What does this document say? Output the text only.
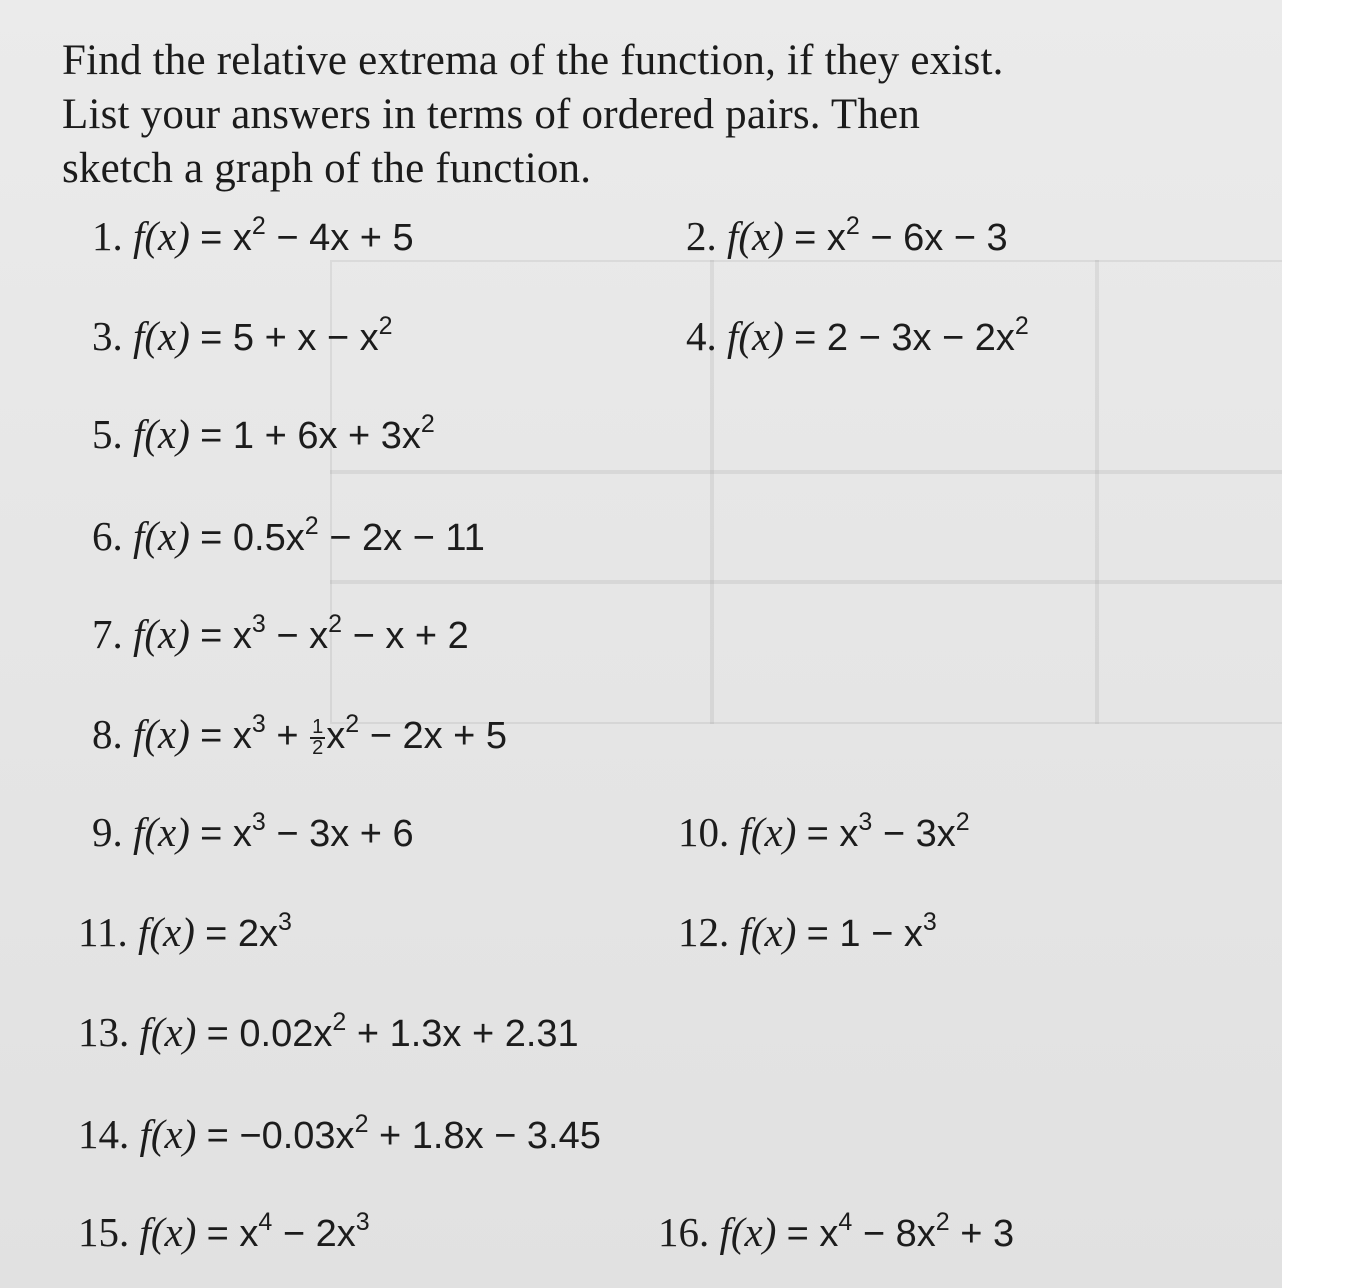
Find the relative extrema of the function, if they exist.
List your answers in terms of ordered pairs. Then
sketch a graph of the function.
1. $f(x) = x^2 - 4x + 5$	2. $f(x) = x^2 - 6x - 3$
3. $f(x) = 5 + x - x^2$	4. $f(x) = 2 - 3x - 2x^2$
5. $f(x) = 1 + 6x + 3x^2$
6. $f(x) = 0.5x^2 - 2x - 11$
7. $f(x) = x^3 - x^2 - x + 2$
8. $f(x) = x^3 + \frac{1}{2} x^2 - 2x + 5$
9. $f(x) = x^3 - 3x + 6$	10. $f(x) = x^3 - 3x^2$
11. $f(x) = 2x^3$	12. $f(x) = 1 - x^3$
13. $f(x) = 0.02x^2 + 1.3x + 2.31$
14. $f(x) = -0.03x^2 + 1.8x - 3.45$
15. $f(x) = x^4 - 2x^3$	16. $f(x) = x^4 - 8x^2 + 3$
